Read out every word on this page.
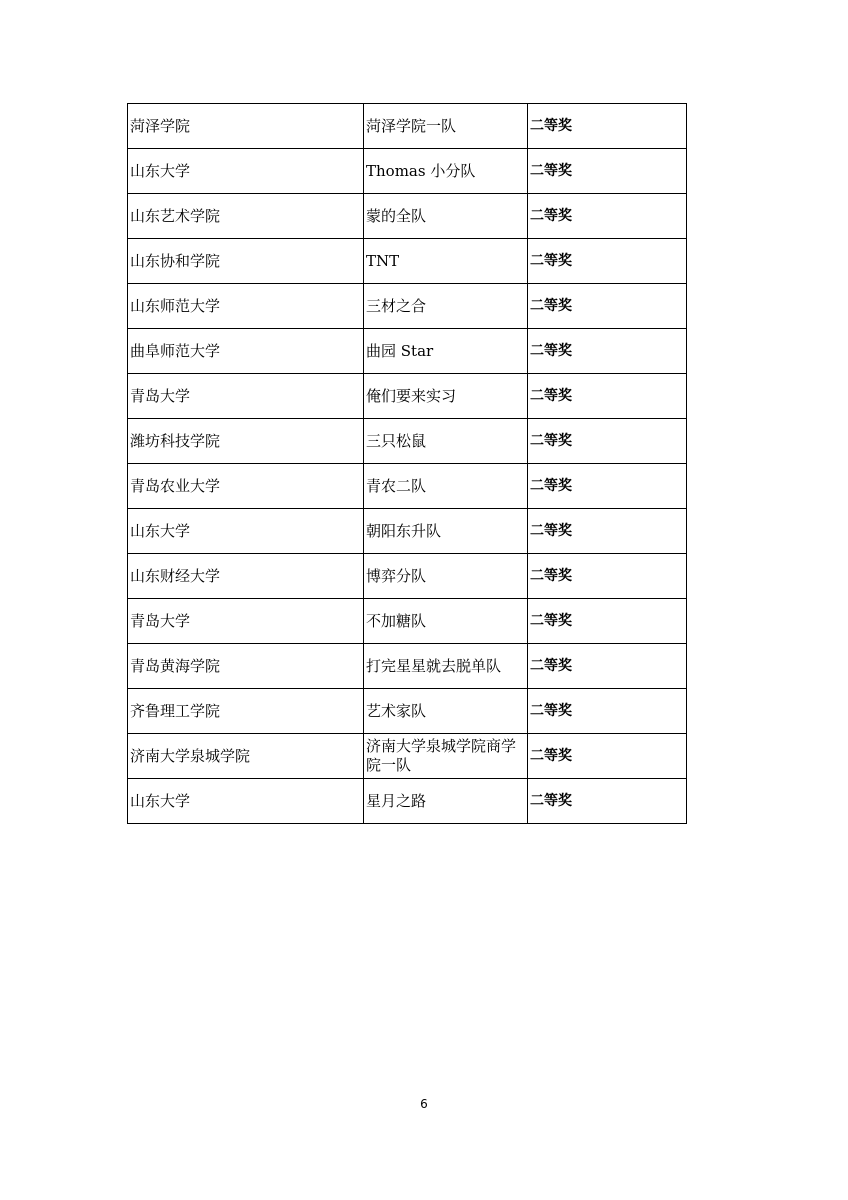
菏泽学院	菏泽学院一队	二等奖
山东大学	Thomas 小分队	二等奖
山东艺术学院	蒙的全队	二等奖
山东协和学院	TNT	二等奖
山东师范大学	三材之合	二等奖
曲阜师范大学	曲园 Star	二等奖
青岛大学	俺们要来实习	二等奖
潍坊科技学院	三只松鼠	二等奖
青岛农业大学	青农二队	二等奖
山东大学	朝阳东升队	二等奖
山东财经大学	博弈分队	二等奖
青岛大学	不加糖队	二等奖
青岛黄海学院	打完星星就去脱单队	二等奖
齐鲁理工学院	艺术家队	二等奖
济南大学泉城学院	济南大学泉城学院商学院一队	二等奖
山东大学	星月之路	二等奖
6
